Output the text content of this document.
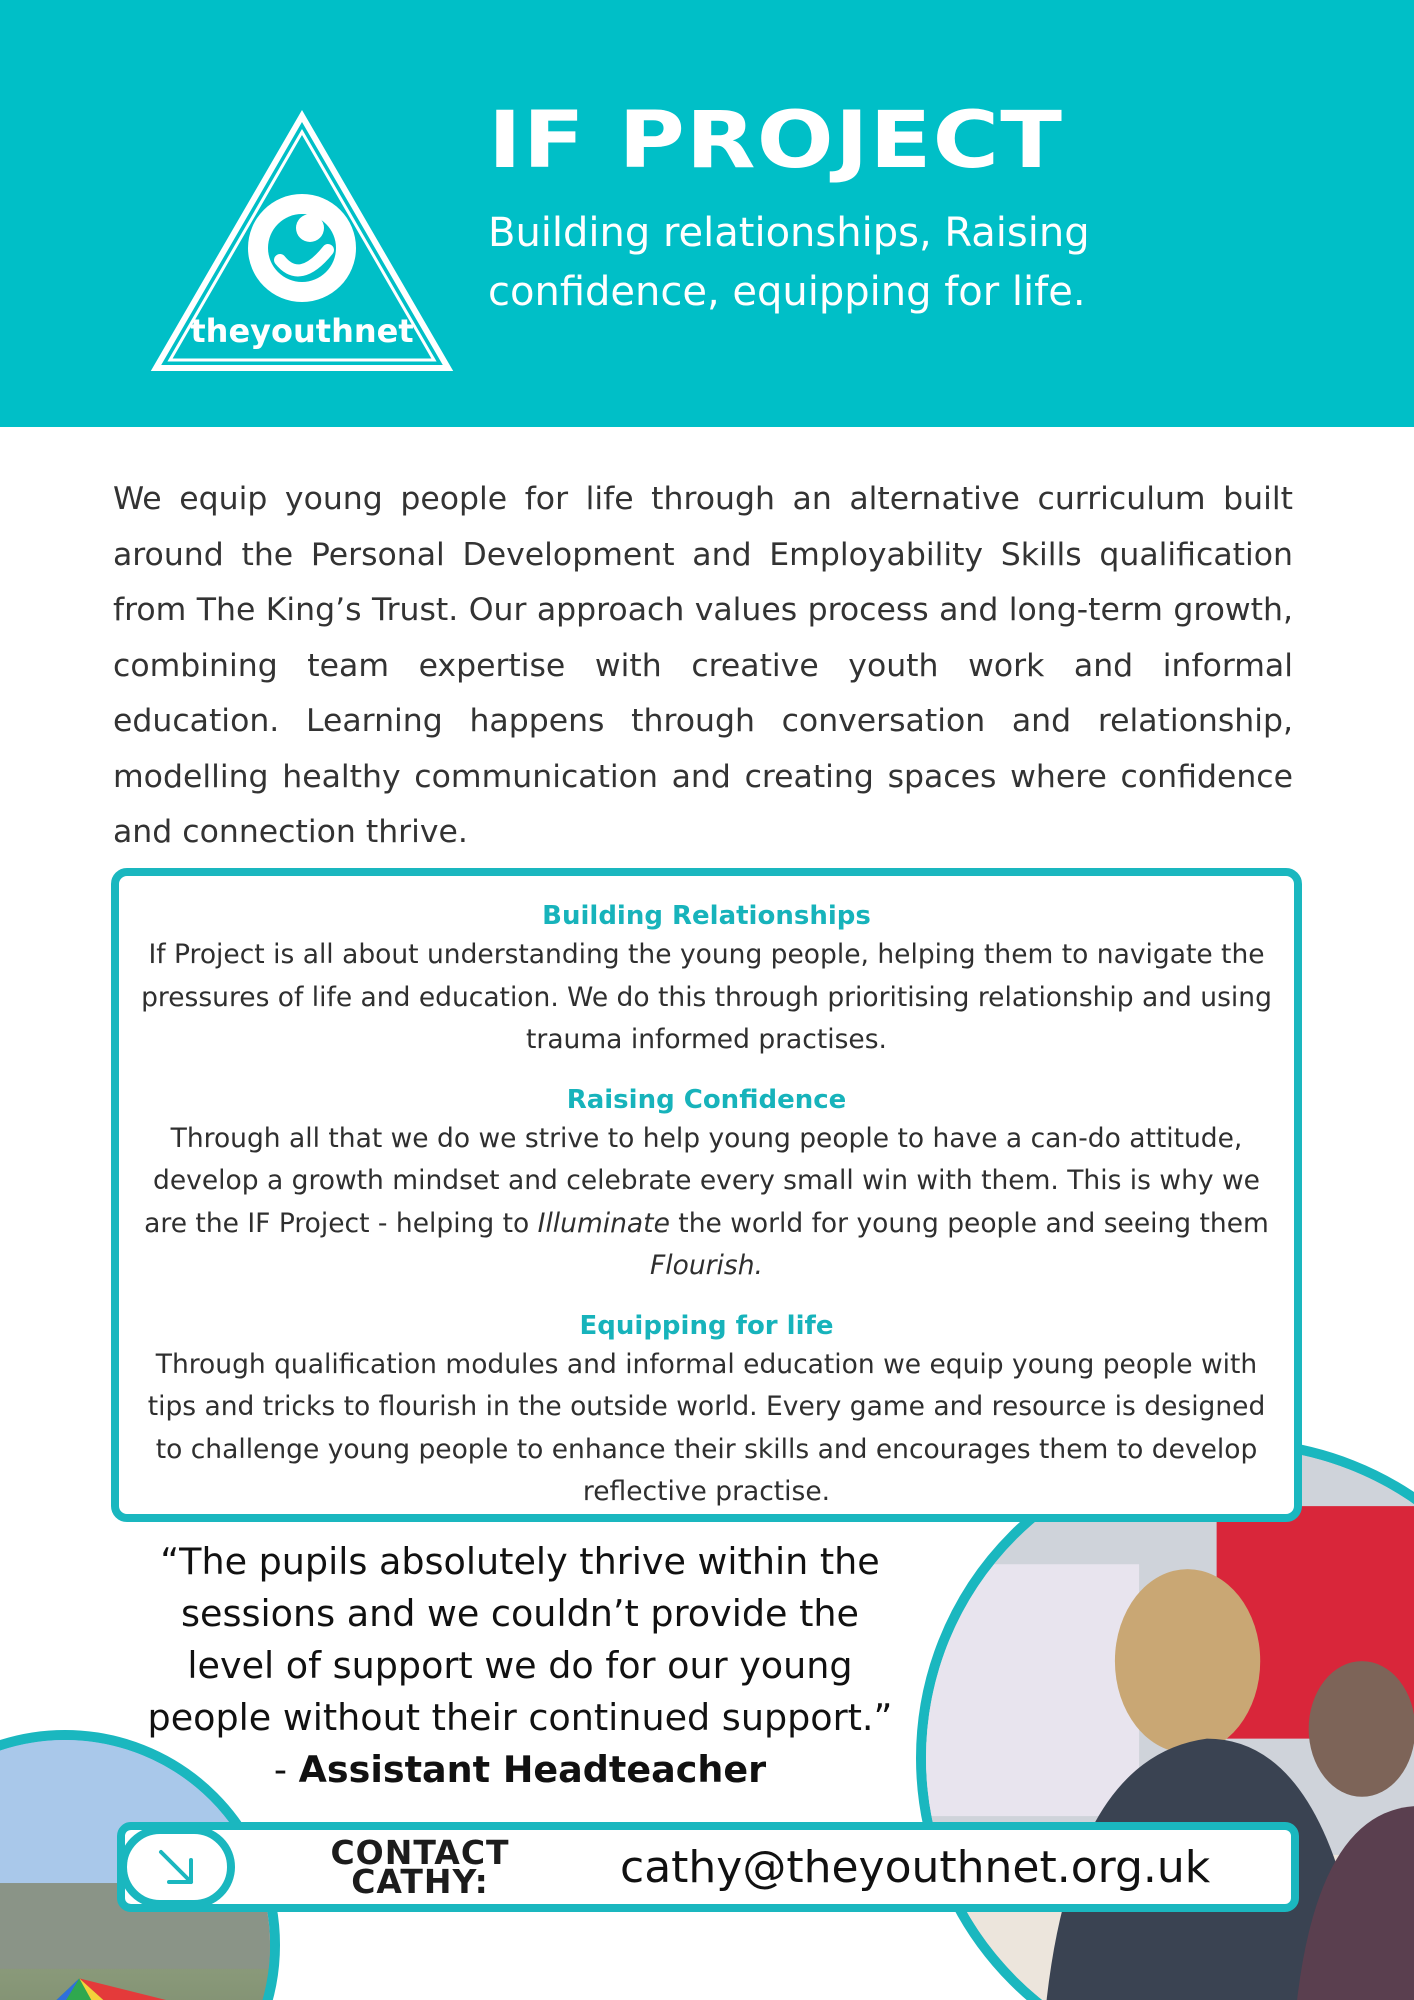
theyouthnet
IF PROJECT
Building relationships, Raising
confidence, equipping for life.

We equip young people for life through an alternative curriculum built around the Personal Development and Employability Skills qualification from The King’s Trust. Our approach values process and long-term growth, combining team expertise with creative youth work and informal education. Learning happens through conversation and relationship, modelling healthy communication and creating spaces where confidence and connection thrive.

Building Relationships

If Project is all about understanding the young people, helping them to navigate the pressures of life and education. We do this through prioritising relationship and using trauma informed practises.

Raising Confidence

Through all that we do we strive to help young people to have a can-do attitude, develop a growth mindset and celebrate every small win with them. This is why we are the IF Project - helping to Illuminate the world for young people and seeing them
Flourish.

Equipping for life

Through qualification modules and informal education we equip young people with tips and tricks to flourish in the outside world. Every game and resource is designed to challenge young people to enhance their skills and encourages them to develop reflective practise.

“The pupils absolutely thrive within the
sessions and we couldn’t provide the
level of support we do for our young
people without their continued support.”
- Assistant Headteacher
CONTACT
CATHY:	cathy@theyouthnet.org.uk
